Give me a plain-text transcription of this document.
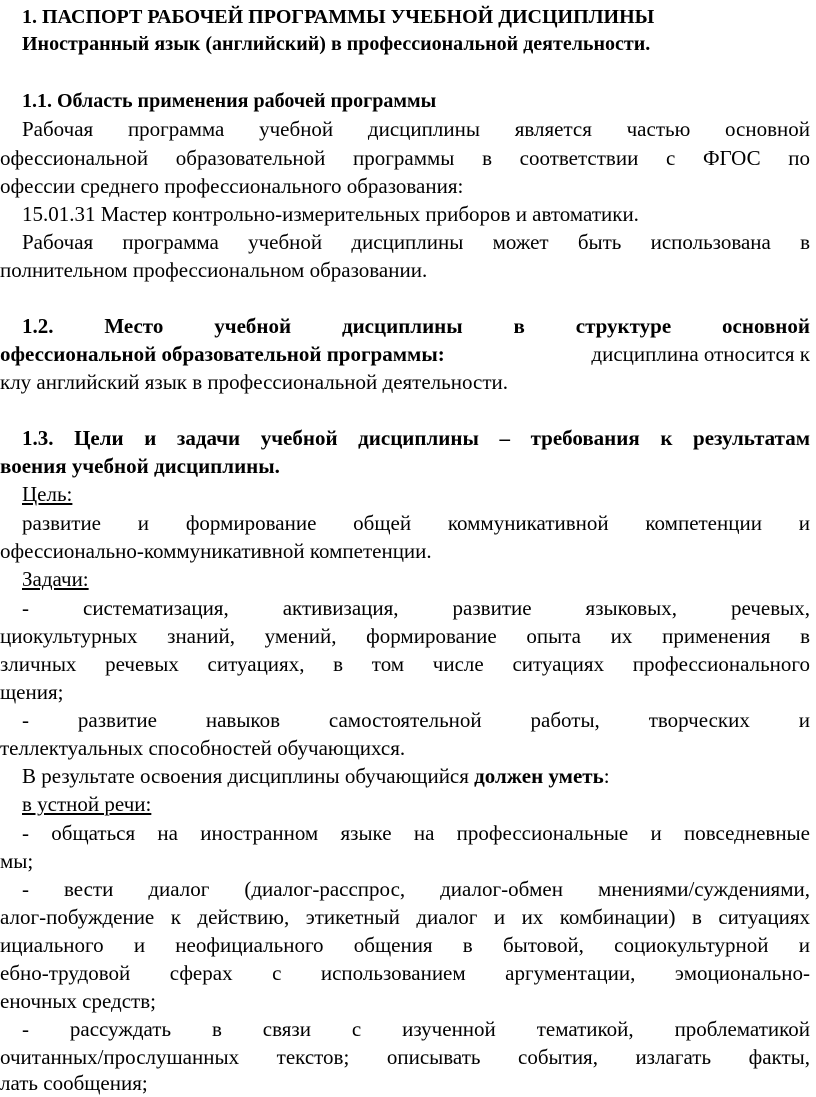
1. ПАСПОРТ РАБОЧЕЙ ПРОГРАММЫ УЧЕБНОЙ ДИСЦИПЛИНЫ
Иностранный язык (английский) в профессиональной деятельности.
1.1. Область применения рабочей программы
Рабочая программа учебной дисциплины является частью основной
офессиональной образовательной программы в соответствии с ФГОС по
офессии среднего профессионального образования:
15.01.31 Мастер контрольно-измерительных приборов и автоматики.
Рабочая программа учебной дисциплины может быть использована в
полнительном профессиональном образовании.
1.2. Место учебной дисциплины в структуре основной
офессиональной образовательной программы:	дисциплина относится к
клу английский язык в профессиональной деятельности.
1.3. Цели и задачи учебной дисциплины – требования к результатам
воения учебной дисциплины.
Цель:
развитие и формирование общей коммуникативной компетенции и
офессионально-коммуникативной компетенции.
Задачи:
- систематизация, активизация, развитие языковых, речевых,
циокультурных знаний, умений, формирование опыта их применения в
зличных речевых ситуациях, в том числе ситуациях профессионального
щения;
- развитие навыков самостоятельной работы, творческих и
теллектуальных способностей обучающихся.
В результате освоения дисциплины обучающийся должен уметь:
в устной речи:
- общаться на иностранном языке на профессиональные и повседневные
мы;
- вести диалог (диалог-расспрос, диалог-обмен мнениями/суждениями,
алог-побуждение к действию, этикетный диалог и их комбинации) в ситуациях
ициального и неофициального общения в бытовой, социокультурной и
ебно-трудовой сферах с использованием аргументации, эмоционально-
еночных средств;
- рассуждать в связи с изученной тематикой, проблематикой
очитанных/прослушанных текстов; описывать события, излагать факты,
лать сообщения;
